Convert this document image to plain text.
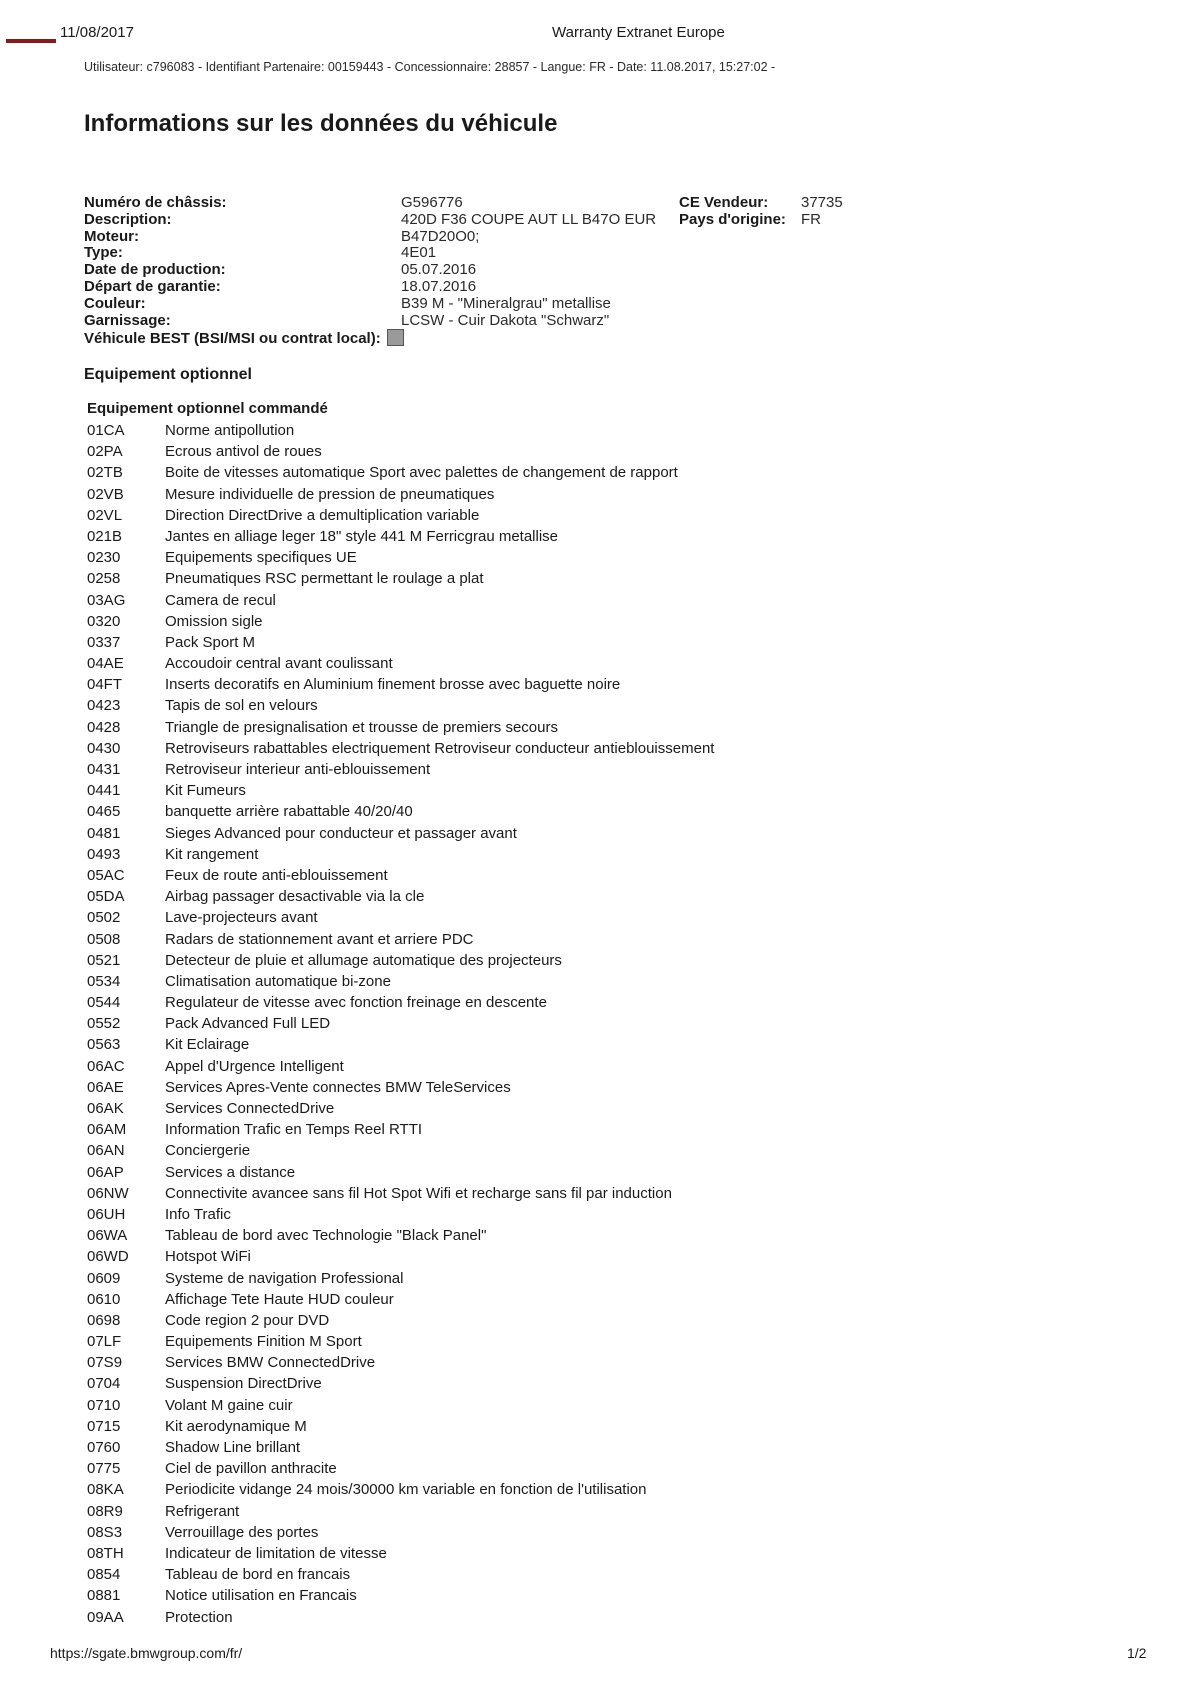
11/08/2017	Warranty Extranet Europe
Utilisateur: c796083 - Identifiant Partenaire: 00159443 - Concessionnaire: 28857 - Langue: FR - Date: 11.08.2017, 15:27:02 -
Informations sur les données du véhicule
Numéro de châssis:	G596776
Description:	420D F36 COUPE AUT LL B47O EUR
Moteur:	B47D20O0;
Type:	4E01
Date de production:	05.07.2016
Départ de garantie:	18.07.2016
Couleur:	B39 M - "Mineralgrau" metallise
Garnissage:	LCSW - Cuir Dakota "Schwarz"
Véhicule BEST (BSI/MSI ou contrat local):
CE Vendeur: 37735
Pays d'origine: FR
Equipement optionnel
Equipement optionnel commandé
01CA	Norme antipollution
02PA	Ecrous antivol de roues
02TB	Boite de vitesses automatique Sport avec palettes de changement de rapport
02VB	Mesure individuelle de pression de pneumatiques
02VL	Direction DirectDrive a demultiplication variable
021B	Jantes en alliage leger 18" style 441 M Ferricgrau metallise
0230	Equipements specifiques UE
0258	Pneumatiques RSC permettant le roulage a plat
03AG	Camera de recul
0320	Omission sigle
0337	Pack Sport M
04AE	Accoudoir central avant coulissant
04FT	Inserts decoratifs en Aluminium finement brosse avec baguette noire
0423	Tapis de sol en velours
0428	Triangle de presignalisation et trousse de premiers secours
0430	Retroviseurs rabattables electriquement Retroviseur conducteur antieblouissement
0431	Retroviseur interieur anti-eblouissement
0441	Kit Fumeurs
0465	banquette arrière rabattable 40/20/40
0481	Sieges Advanced pour conducteur et passager avant
0493	Kit rangement
05AC	Feux de route anti-eblouissement
05DA	Airbag passager desactivable via la cle
0502	Lave-projecteurs avant
0508	Radars de stationnement avant et arriere PDC
0521	Detecteur de pluie et allumage automatique des projecteurs
0534	Climatisation automatique bi-zone
0544	Regulateur de vitesse avec fonction freinage en descente
0552	Pack Advanced Full LED
0563	Kit Eclairage
06AC	Appel d'Urgence Intelligent
06AE	Services Apres-Vente connectes BMW TeleServices
06AK	Services ConnectedDrive
06AM	Information Trafic en Temps Reel RTTI
06AN	Conciergerie
06AP	Services a distance
06NW Connectivite avancee sans fil Hot Spot Wifi et recharge sans fil par induction
06UH	Info Trafic
06WA	Tableau de bord avec Technologie "Black Panel"
06WD Hotspot WiFi
0609	Systeme de navigation Professional
0610	Affichage Tete Haute HUD couleur
0698	Code region 2 pour DVD
07LF	Equipements Finition M Sport
07S9	Services BMW ConnectedDrive
0704	Suspension DirectDrive
0710	Volant M gaine cuir
0715	Kit aerodynamique M
0760	Shadow Line brillant
0775	Ciel de pavillon anthracite
08KA	Periodicite vidange 24 mois/30000 km variable en fonction de l'utilisation
08R9	Refrigerant
08S3	Verrouillage des portes
08TH	Indicateur de limitation de vitesse
0854	Tableau de bord en francais
0881	Notice utilisation en Francais
09AA	Protection
https://sgate.bmwgroup.com/fr/	1/2
